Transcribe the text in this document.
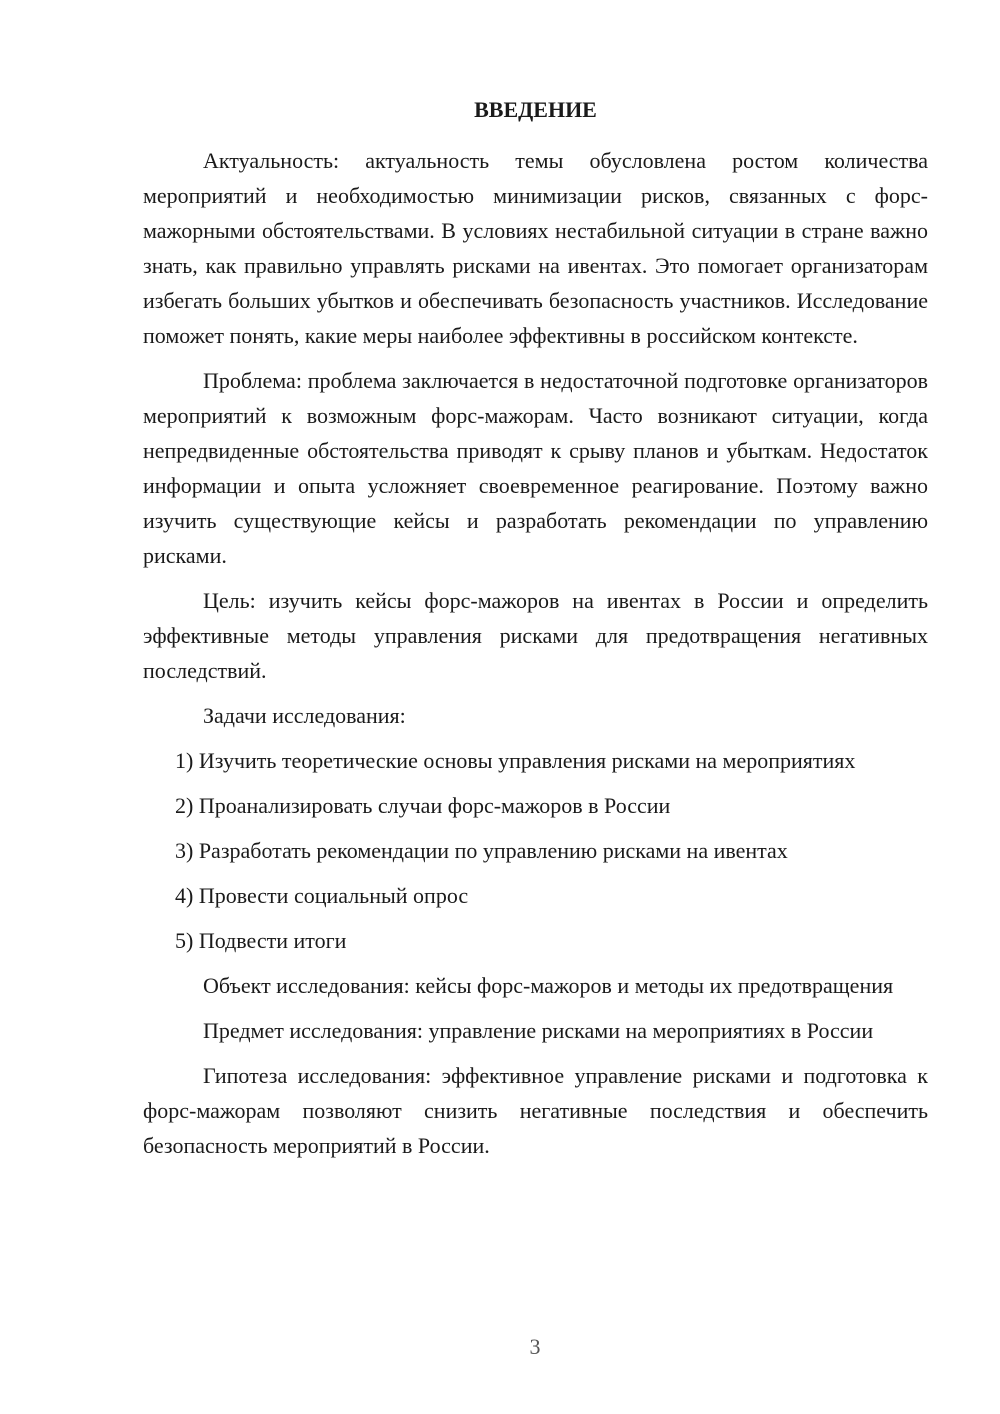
ВВЕДЕНИЕ

Актуальность: актуальность темы обусловлена ростом количества мероприятий и необходимостью минимизации рисков, связанных с форс-мажорными обстоятельствами. В условиях нестабильной ситуации в стране важно знать, как правильно управлять рисками на ивентах. Это помогает организаторам избегать больших убытков и обеспечивать безопасность участников. Исследование поможет понять, какие меры наиболее эффективны в российском контексте.

Проблема: проблема заключается в недостаточной подготовке организаторов мероприятий к возможным форс-мажорам. Часто возникают ситуации, когда непредвиденные обстоятельства приводят к срыву планов и убыткам. Недостаток информации и опыта усложняет своевременное реагирование. Поэтому важно изучить существующие кейсы и разработать рекомендации по управлению рисками.

Цель: изучить кейсы форс-мажоров на ивентах в России и определить эффективные методы управления рисками для предотвращения негативных последствий.

Задачи исследования:

1) Изучить теоретические основы управления рисками на мероприятиях
2) Проанализировать случаи форс-мажоров в России
3) Разработать рекомендации по управлению рисками на ивентах
4) Провести социальный опрос
5) Подвести итоги

Объект исследования: кейсы форс-мажоров и методы их предотвращения

Предмет исследования: управление рисками на мероприятиях в России

Гипотеза исследования: эффективное управление рисками и подготовка к форс-мажорам позволяют снизить негативные последствия и обеспечить безопасность мероприятий в России.

3
